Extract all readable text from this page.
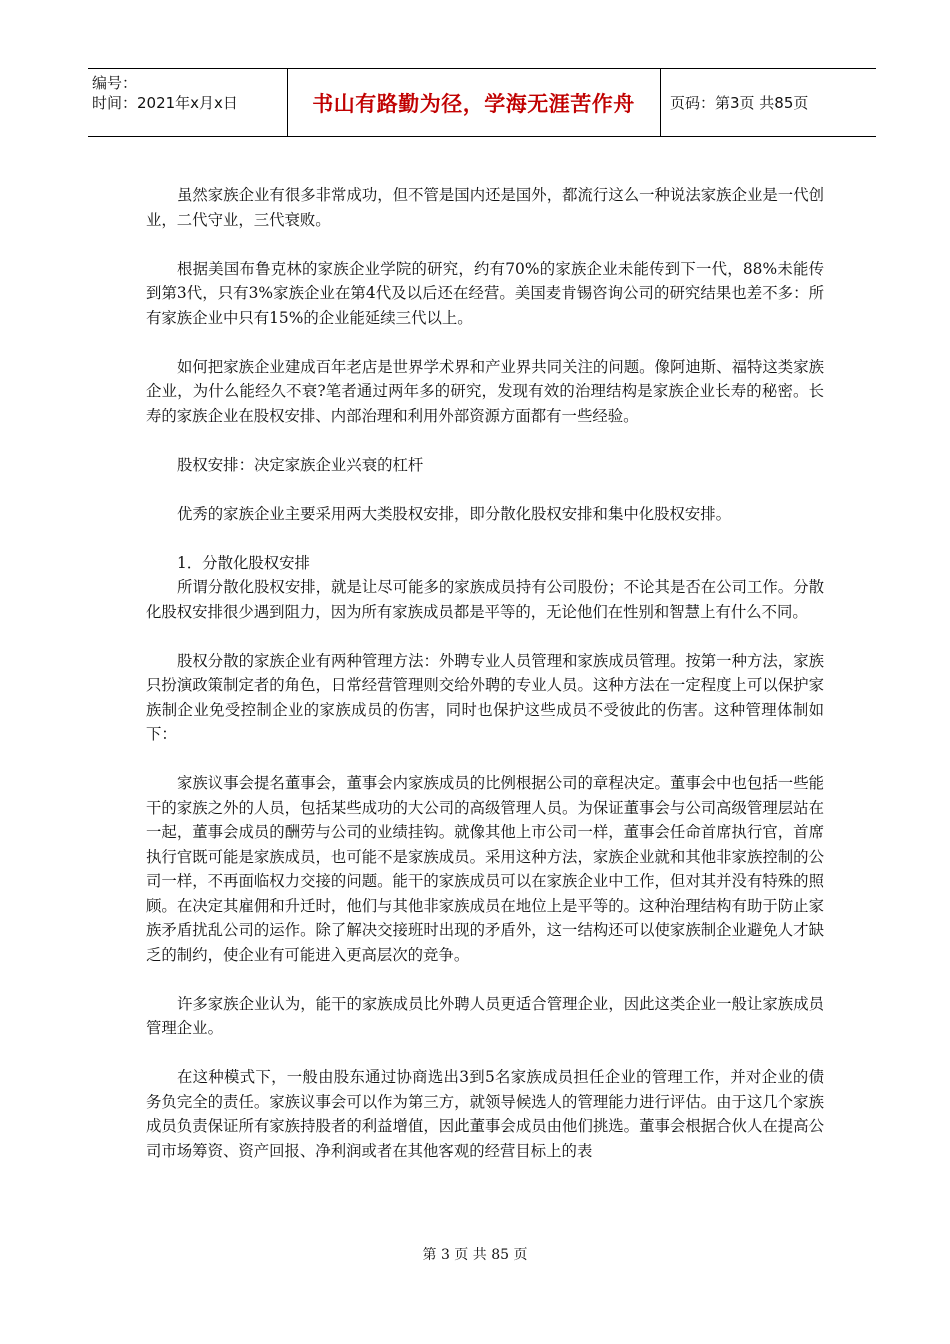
编号：
时间：2021年x月x日	书山有路勤为径，学海无涯苦作舟	页码：第3页 共85页

虽然家族企业有很多非常成功，但不管是国内还是国外，都流行这么一种说法家族企业是一代创业，二代守业，三代衰败。

根据美国布鲁克林的家族企业学院的研究，约有70%的家族企业未能传到下一代，88%未能传到第3代，只有3%家族企业在第4代及以后还在经营。美国麦肯锡咨询公司的研究结果也差不多：所有家族企业中只有15%的企业能延续三代以上。

如何把家族企业建成百年老店是世界学术界和产业界共同关注的问题。像阿迪斯、福特这类家族企业，为什么能经久不衰?笔者通过两年多的研究，发现有效的治理结构是家族企业长寿的秘密。长寿的家族企业在股权安排、内部治理和利用外部资源方面都有一些经验。

股权安排：决定家族企业兴衰的杠杆

优秀的家族企业主要采用两大类股权安排，即分散化股权安排和集中化股权安排。

1．分散化股权安排

所谓分散化股权安排，就是让尽可能多的家族成员持有公司股份；不论其是否在公司工作。分散化股权安排很少遇到阻力，因为所有家族成员都是平等的，无论他们在性别和智慧上有什么不同。

股权分散的家族企业有两种管理方法：外聘专业人员管理和家族成员管理。按第一种方法，家族只扮演政策制定者的角色，日常经营管理则交给外聘的专业人员。这种方法在一定程度上可以保护家族制企业免受控制企业的家族成员的伤害，同时也保护这些成员不受彼此的伤害。这种管理体制如下：

家族议事会提名董事会，董事会内家族成员的比例根据公司的章程决定。董事会中也包括一些能干的家族之外的人员，包括某些成功的大公司的高级管理人员。为保证董事会与公司高级管理层站在一起，董事会成员的酬劳与公司的业绩挂钩。就像其他上市公司一样，董事会任命首席执行官，首席执行官既可能是家族成员，也可能不是家族成员。采用这种方法，家族企业就和其他非家族控制的公司一样，不再面临权力交接的问题。能干的家族成员可以在家族企业中工作，但对其并没有特殊的照顾。在决定其雇佣和升迁时，他们与其他非家族成员在地位上是平等的。这种治理结构有助于防止家族矛盾扰乱公司的运作。除了解决交接班时出现的矛盾外，这一结构还可以使家族制企业避免人才缺乏的制约，使企业有可能进入更高层次的竞争。

许多家族企业认为，能干的家族成员比外聘人员更适合管理企业，因此这类企业一般让家族成员管理企业。

在这种模式下，一般由股东通过协商选出3到5名家族成员担任企业的管理工作，并对企业的债务负完全的责任。家族议事会可以作为第三方，就领导候选人的管理能力进行评估。由于这几个家族成员负责保证所有家族持股者的利益增值，因此董事会成员由他们挑选。董事会根据合伙人在提高公司市场筹资、资产回报、净利润或者在其他客观的经营目标上的表

第 3 页 共 85 页
